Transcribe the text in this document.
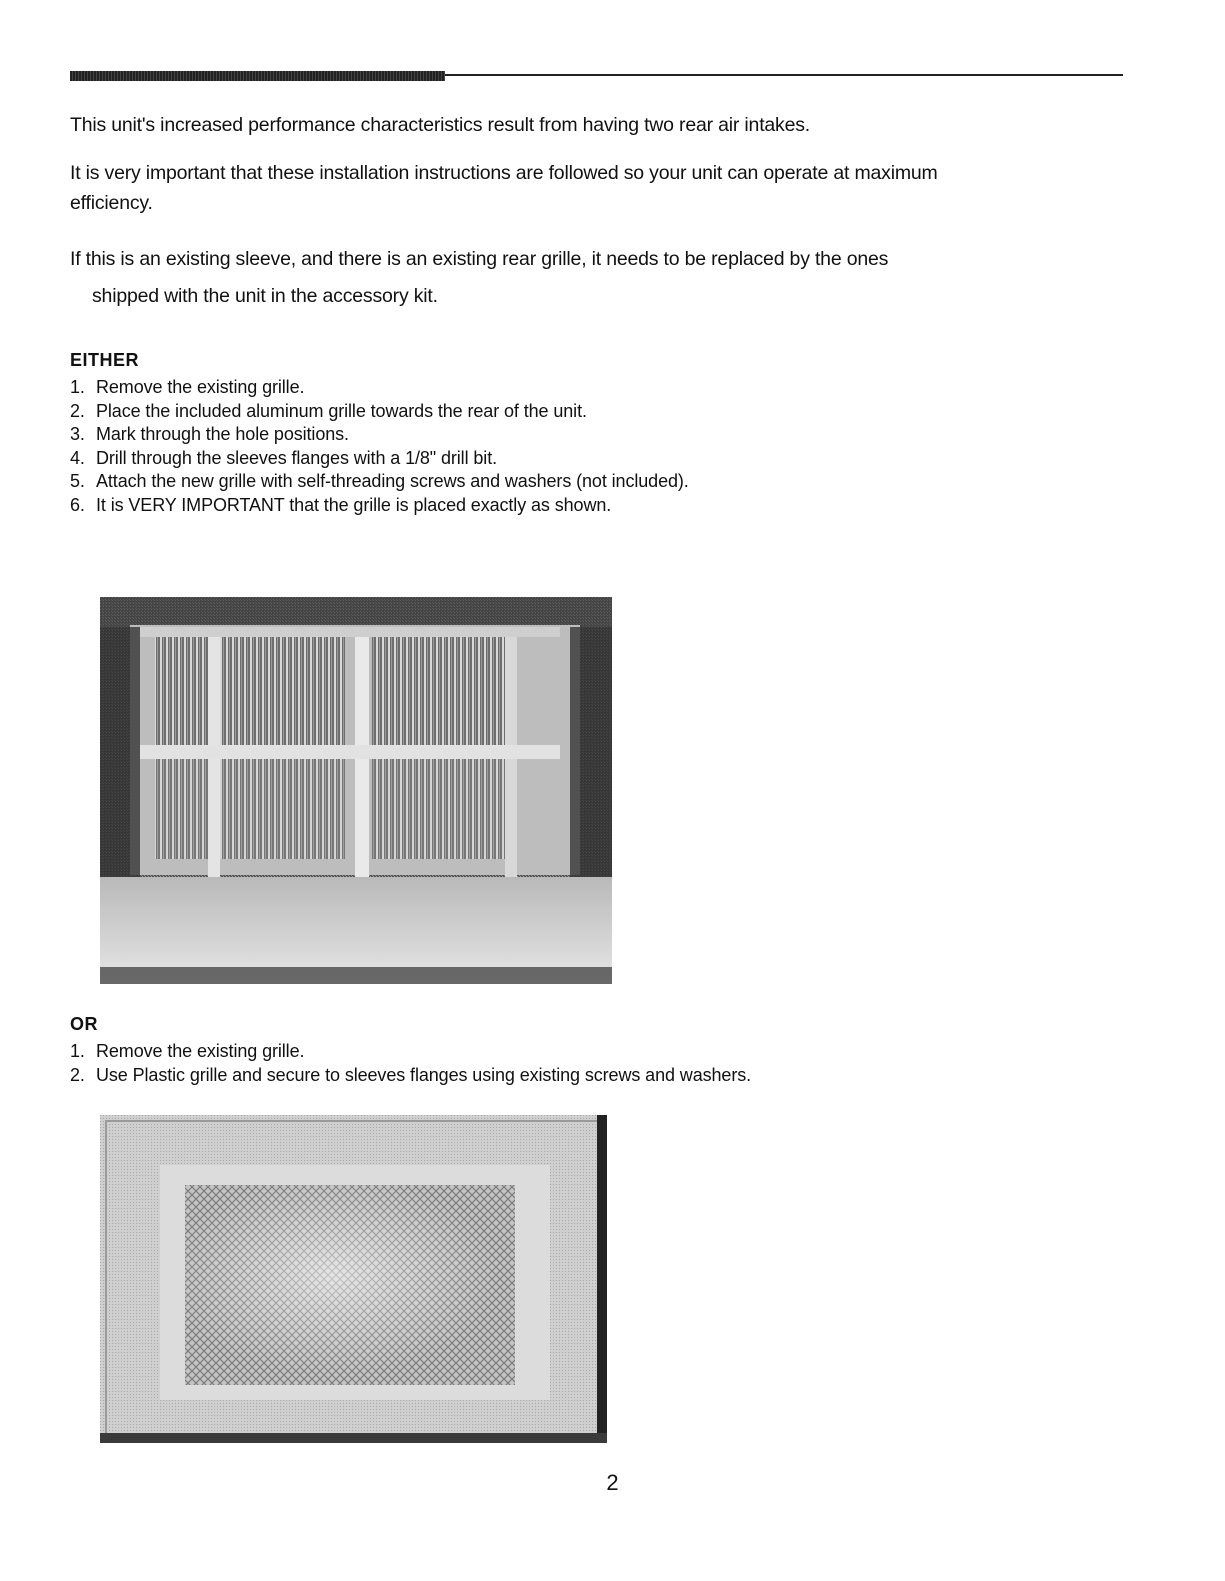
This unit's increased performance characteristics result from having two rear air intakes.

It is very important that these installation instructions are followed so your unit can operate at maximum
efficiency.

If this is an existing sleeve, and there is an existing rear grille, it needs to be replaced by the ones
shipped with the unit in the accessory kit.

EITHER
1. Remove the existing grille.
2. Place the included aluminum grille towards the rear of the unit.
3. Mark through the hole positions.
4. Drill through the sleeves flanges with a 1/8" drill bit.
5. Attach the new grille with self-threading screws and washers (not included).
6. It is VERY IMPORTANT that the grille is placed exactly as shown.
OR
1. Remove the existing grille.
2. Use Plastic grille and secure to sleeves flanges using existing screws and washers.
2
